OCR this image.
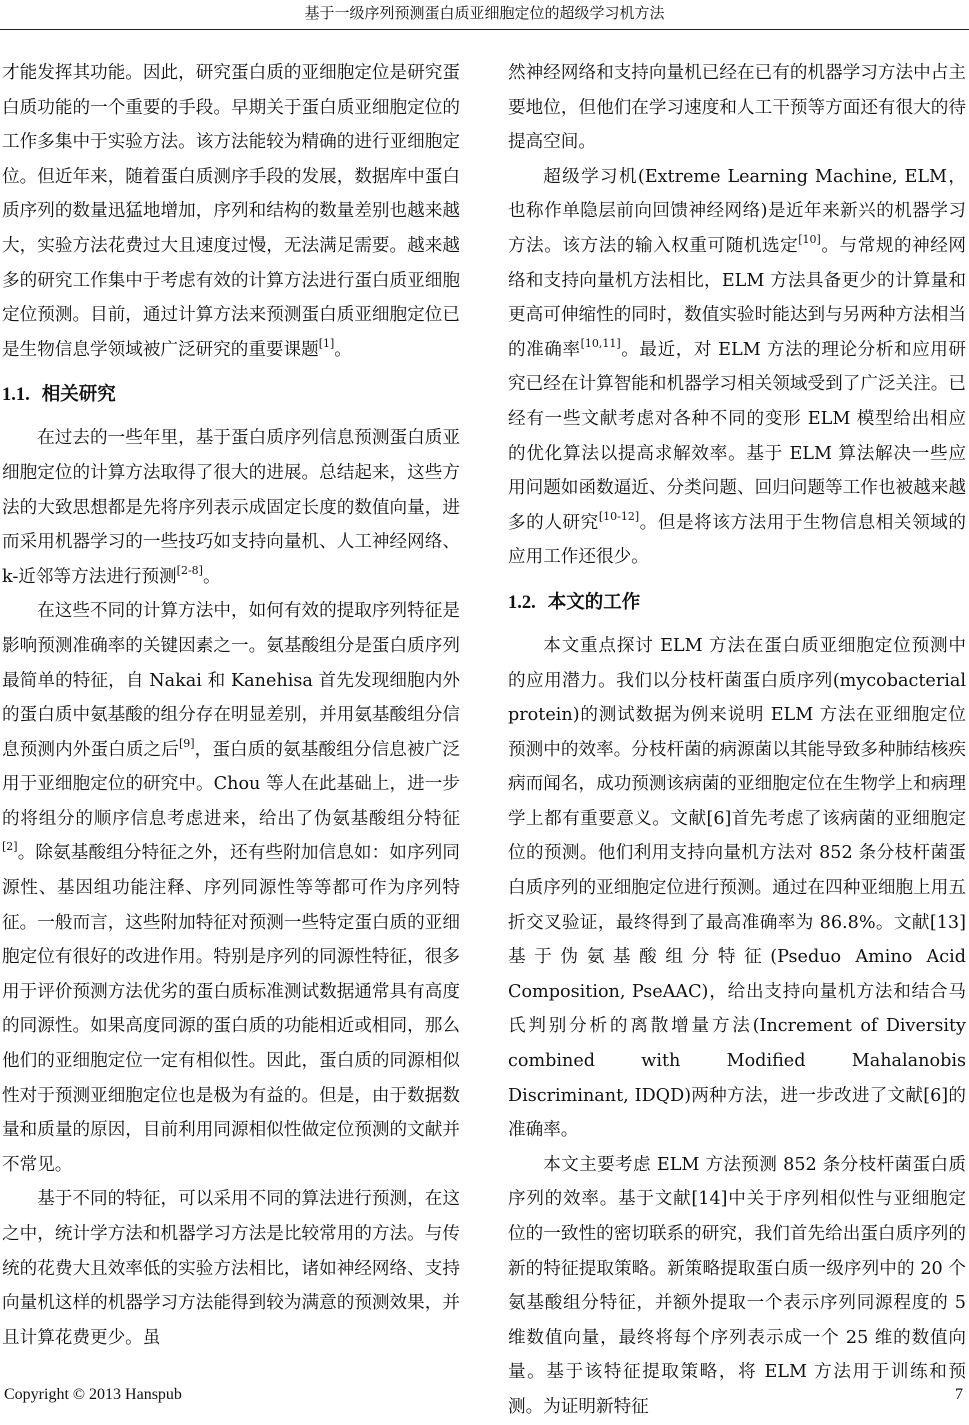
基于一级序列预测蛋白质亚细胞定位的超级学习机方法

才能发挥其功能。因此，研究蛋白质的亚细胞定位是研究蛋白质功能的一个重要的手段。早期关于蛋白质亚细胞定位的工作多集中于实验方法。该方法能较为精确的进行亚细胞定位。但近年来，随着蛋白质测序手段的发展，数据库中蛋白质序列的数量迅猛地增加，序列和结构的数量差别也越来越大，实验方法花费过大且速度过慢，无法满足需要。越来越多的研究工作集中于考虑有效的计算方法进行蛋白质亚细胞定位预测。目前，通过计算方法来预测蛋白质亚细胞定位已是生物信息学领域被广泛研究的重要课题[1]。

1.1. 相关研究

在过去的一些年里，基于蛋白质序列信息预测蛋白质亚细胞定位的计算方法取得了很大的进展。总结起来，这些方法的大致思想都是先将序列表示成固定长度的数值向量，进而采用机器学习的一些技巧如支持向量机、人工神经网络、k-近邻等方法进行预测[2-8]。

在这些不同的计算方法中，如何有效的提取序列特征是影响预测准确率的关键因素之一。氨基酸组分是蛋白质序列最简单的特征，自 Nakai 和 Kanehisa 首先发现细胞内外的蛋白质中氨基酸的组分存在明显差别，并用氨基酸组分信息预测内外蛋白质之后[9]，蛋白质的氨基酸组分信息被广泛用于亚细胞定位的研究中。Chou 等人在此基础上，进一步的将组分的顺序信息考虑进来，给出了伪氨基酸组分特征[2]。除氨基酸组分特征之外，还有些附加信息如：如序列同源性、基因组功能注释、序列同源性等等都可作为序列特征。一般而言，这些附加特征对预测一些特定蛋白质的亚细胞定位有很好的改进作用。特别是序列的同源性特征，很多用于评价预测方法优劣的蛋白质标准测试数据通常具有高度的同源性。如果高度同源的蛋白质的功能相近或相同，那么他们的亚细胞定位一定有相似性。因此，蛋白质的同源相似性对于预测亚细胞定位也是极为有益的。但是，由于数据数量和质量的原因，目前利用同源相似性做定位预测的文献并不常见。

基于不同的特征，可以采用不同的算法进行预测，在这之中，统计学方法和机器学习方法是比较常用的方法。与传统的花费大且效率低的实验方法相比，诸如神经网络、支持向量机这样的机器学习方法能得到较为满意的预测效果，并且计算花费更少。虽

然神经网络和支持向量机已经在已有的机器学习方法中占主要地位，但他们在学习速度和人工干预等方面还有很大的待提高空间。

超级学习机(Extreme Learning Machine, ELM，也称作单隐层前向回馈神经网络)是近年来新兴的机器学习方法。该方法的输入权重可随机选定[10]。与常规的神经网络和支持向量机方法相比，ELM 方法具备更少的计算量和更高可伸缩性的同时，数值实验时能达到与另两种方法相当的准确率[10,11]。最近，对 ELM 方法的理论分析和应用研究已经在计算智能和机器学习相关领域受到了广泛关注。已经有一些文献考虑对各种不同的变形 ELM 模型给出相应的优化算法以提高求解效率。基于 ELM 算法解决一些应用问题如函数逼近、分类问题、回归问题等工作也被越来越多的人研究[10-12]。但是将该方法用于生物信息相关领域的应用工作还很少。

1.2. 本文的工作

本文重点探讨 ELM 方法在蛋白质亚细胞定位预测中的应用潜力。我们以分枝杆菌蛋白质序列(mycobacterial protein)的测试数据为例来说明 ELM 方法在亚细胞定位预测中的效率。分枝杆菌的病源菌以其能导致多种肺结核疾病而闻名，成功预测该病菌的亚细胞定位在生物学上和病理学上都有重要意义。文献[6]首先考虑了该病菌的亚细胞定位的预测。他们利用支持向量机方法对 852 条分枝杆菌蛋白质序列的亚细胞定位进行预测。通过在四种亚细胞上用五折交叉验证，最终得到了最高准确率为 86.8%。文献[13]基于伪氨基酸组分特征(Pseduo Amino Acid Composition, PseAAC)，给出支持向量机方法和结合马氏判别分析的离散增量方法(Increment of Diversity combined with Modified Mahalanobis Discriminant, IDQD)两种方法，进一步改进了文献[6]的准确率。

本文主要考虑 ELM 方法预测 852 条分枝杆菌蛋白质序列的效率。基于文献[14]中关于序列相似性与亚细胞定位的一致性的密切联系的研究，我们首先给出蛋白质序列的新的特征提取策略。新策略提取蛋白质一级序列中的 20 个氨基酸组分特征，并额外提取一个表示序列同源程度的 5 维数值向量，最终将每个序列表示成一个 25 维的数值向量。基于该特征提取策略，将 ELM 方法用于训练和预测。为证明新特征

Copyright © 2013 Hanspub	7
